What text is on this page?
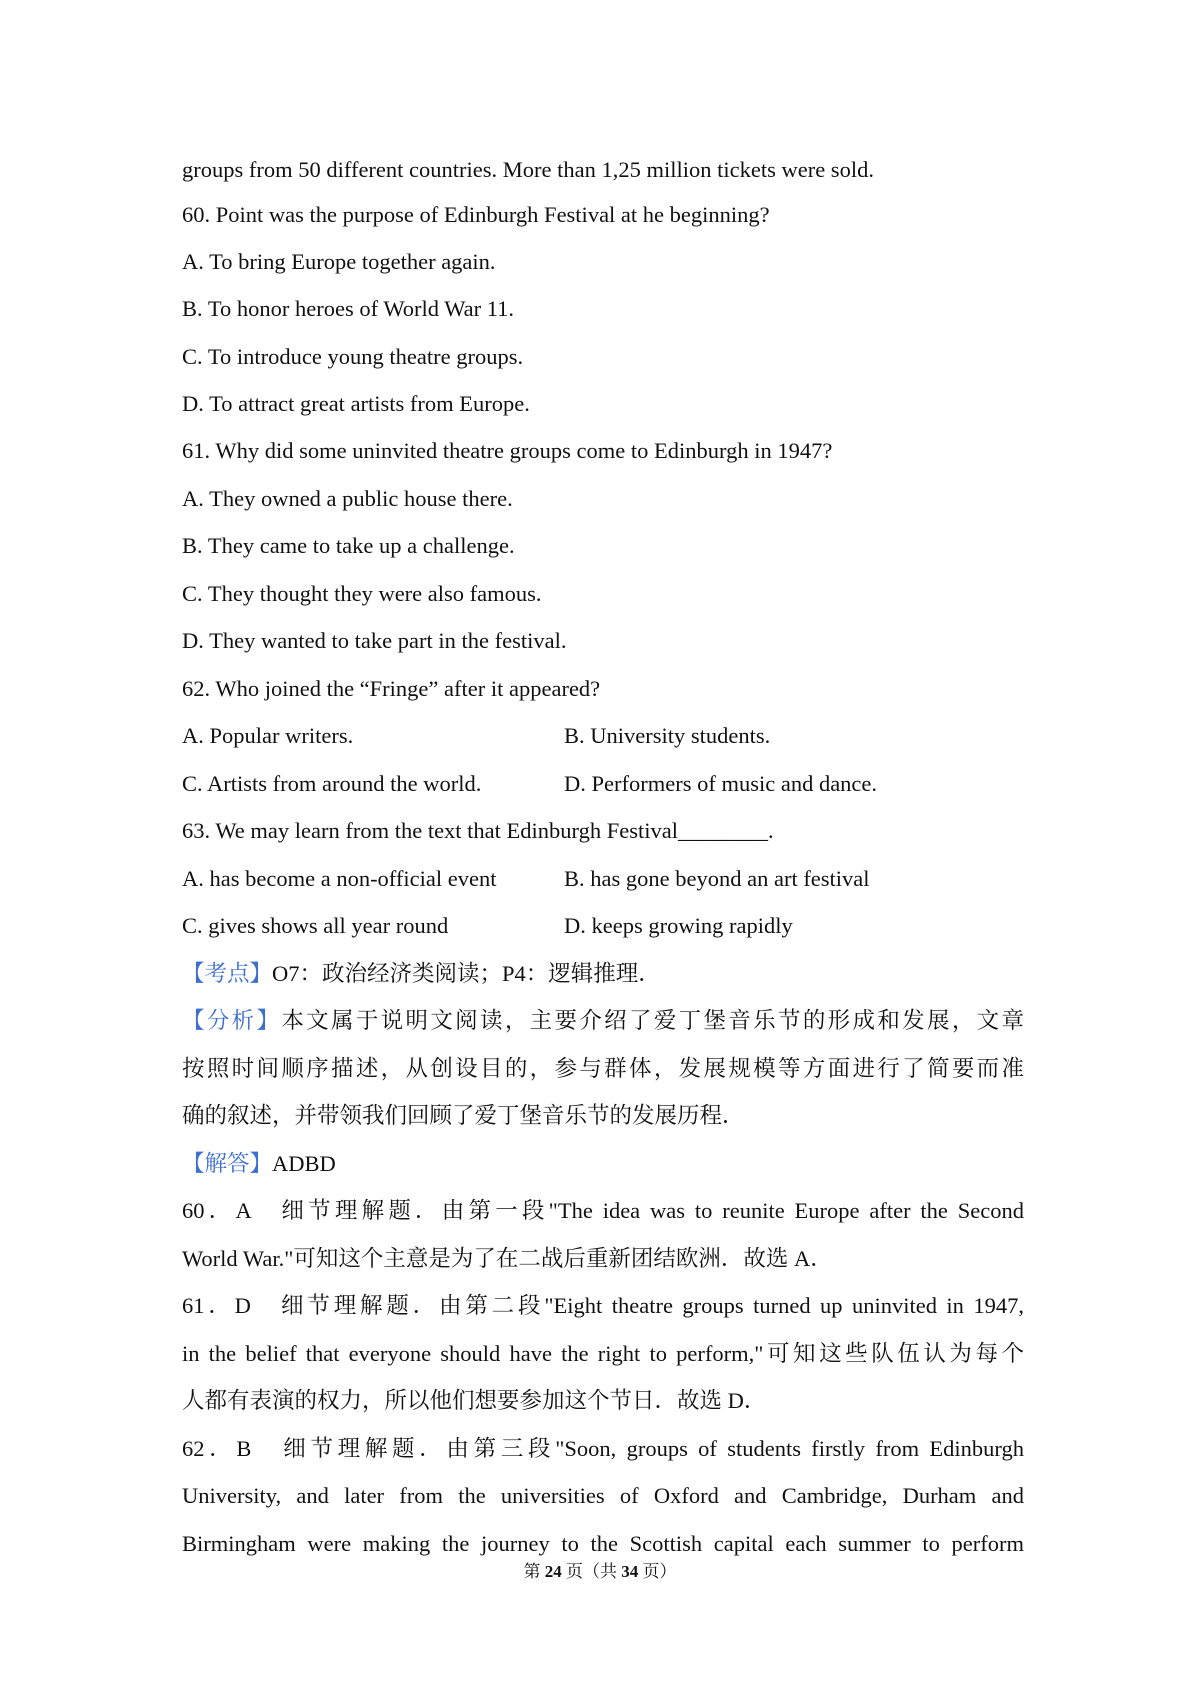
groups from 50 different countries. More than 1,25 million tickets were sold.
60. Point was the purpose of Edinburgh Festival at he beginning?
A. To bring Europe together again.
B. To honor heroes of World War 11.
C. To introduce young theatre groups.
D. To attract great artists from Europe.
61. Why did some uninvited theatre groups come to Edinburgh in 1947?
A. They owned a public house there.
B. They came to take up a challenge.
C. They thought they were also famous.
D. They wanted to take part in the festival.
62. Who joined the “Fringe” after it appeared?
A. Popular writers.	B. University students.
C. Artists from around the world.	D. Performers of music and dance.
63. We may learn from the text that Edinburgh Festival________.
A. has become a non-official event	B. has gone beyond an art festival
C. gives shows all year round	D. keeps growing rapidly
【考点】O7：政治经济类阅读；P4：逻辑推理．
【分析】本文属于说明文阅读，主要介绍了爱丁堡音乐节的形成和发展，文章
按照时间顺序描述，从创设目的，参与群体，发展规模等方面进行了简要而准
确的叙述，并带领我们回顾了爱丁堡音乐节的发展历程．
【解答】ADBD
60．A　细节理解题．由第一段"The idea was to reunite Europe after the Second
World War."可知这个主意是为了在二战后重新团结欧洲．故选 A．
61．D　细节理解题．由第二段"Eight theatre groups turned up uninvited in 1947,
in the belief that everyone should have the right to perform,"可知这些队伍认为每个
人都有表演的权力，所以他们想要参加这个节日．故选 D．
62．B　细节理解题．由第三段"Soon, groups of students firstly from Edinburgh
University, and later from the universities of Oxford and Cambridge, Durham and
Birmingham were making the journey to the Scottish capital each summer to perform
第 24 页（共 34 页）
